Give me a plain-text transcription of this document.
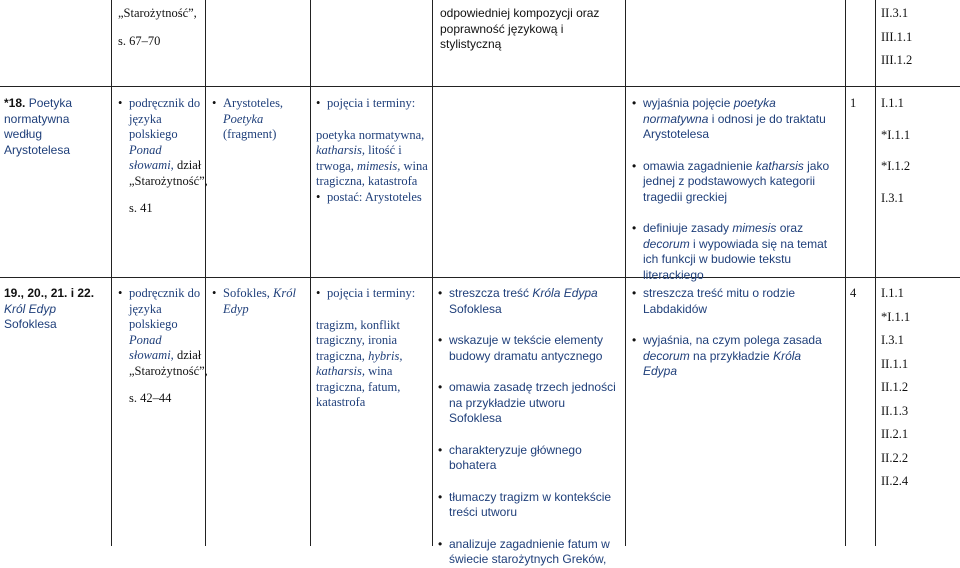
„Starożytność”,
s. 67–70
odpowiedniej kompozycji oraz
poprawność językową i stylistyczną
II.3.1
III.1.1
III.1.2
*18. Poetyka normatywna według Arystotelesa
• podręcznik do języka polskiego Ponad słowami, dział „Starożytność”,
s. 41
• Arystoteles, Poetyka (fragment)
• pojęcia i terminy:
poetyka normatywna, katharsis, litość i trwoga, mimesis, wina tragiczna, katastrofa
• postać: Arystoteles
• wyjaśnia pojęcie poetyka normatywna i odnosi je do traktatu Arystotelesa
• omawia zagadnienie katharsis jako jednej z podstawowych kategorii tragedii greckiej
• definiuje zasady mimesis oraz decorum i wypowiada się na temat ich funkcji w budowie tekstu literackiego
1 I.1.1
*I.1.1
*I.1.2
I.3.1
19., 20., 21. i 22.
Król Edyp Sofoklesa
• podręcznik do języka polskiego Ponad słowami, dział „Starożytność”,
s. 42–44
• Sofokles, Król Edyp
• pojęcia i terminy:
tragizm, konflikt tragiczny, ironia tragiczna, hybris, katharsis, wina tragiczna, fatum, katastrofa
• streszcza treść Króla Edypa Sofoklesa
• wskazuje w tekście elementy budowy dramatu antycznego
• omawia zasadę trzech jedności na przykładzie utworu Sofoklesa
• charakteryzuje głównego bohatera
• tłumaczy tragizm w kontekście treści utworu
• analizuje zagadnienie fatum w świecie starożytnych Greków,
• streszcza treść mitu o rodzie Labdakidów
• wyjaśnia, na czym polega zasada decorum na przykładzie Króla Edypa
4 I.1.1
*I.1.1
I.3.1
II.1.1
II.1.2
II.1.3
II.2.1
II.2.2
II.2.4
